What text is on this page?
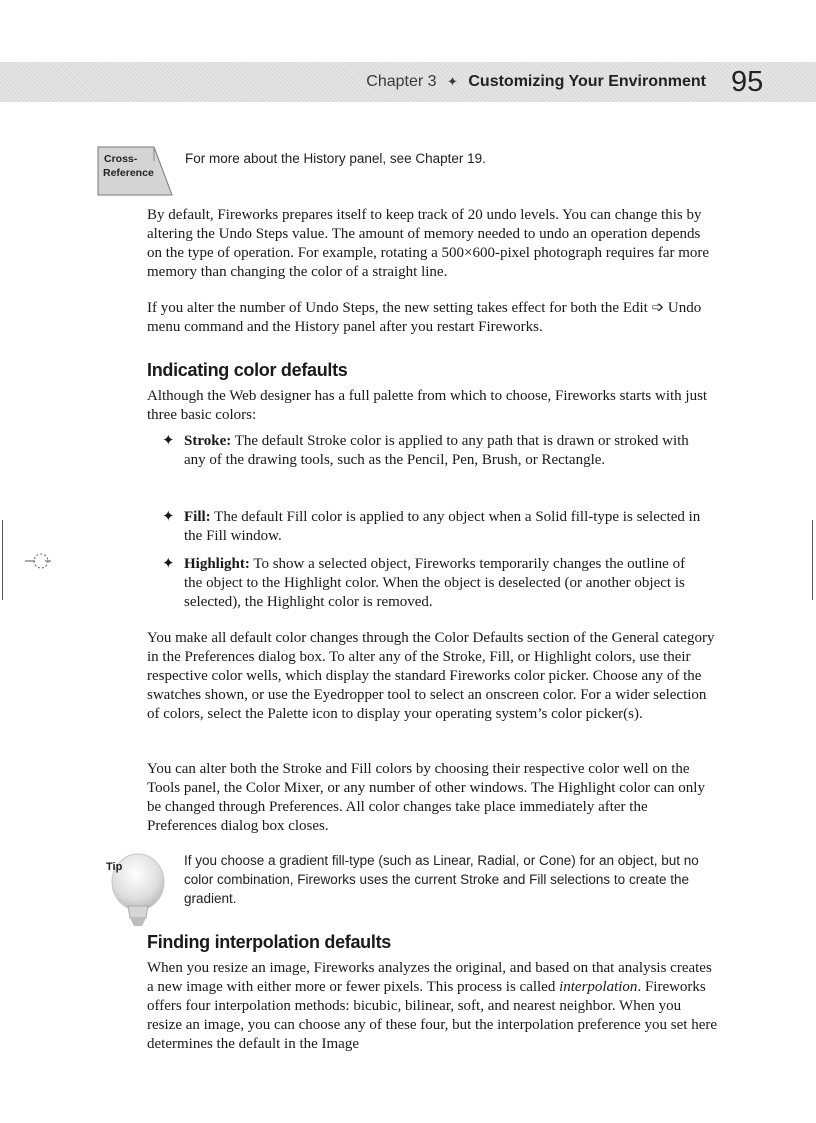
Chapter 3 ✦ Customizing Your Environment 95
Cross-
Reference
For more about the History panel, see Chapter 19.

By default, Fireworks prepares itself to keep track of 20 undo levels. You can change this by altering the Undo Steps value. The amount of memory needed to undo an operation depends on the type of operation. For example, rotating a 500×600-pixel photograph requires far more memory than changing the color of a straight line.

If you alter the number of Undo Steps, the new setting takes effect for both the Edit ➩ Undo menu command and the History panel after you restart Fireworks.

Indicating color defaults

Although the Web designer has a full palette from which to choose, Fireworks starts with just three basic colors:

✦ Stroke: The default Stroke color is applied to any path that is drawn or stroked with any of the drawing tools, such as the Pencil, Pen, Brush, or Rectangle.
✦ Fill: The default Fill color is applied to any object when a Solid fill-type is selected in the Fill window.
✦ Highlight: To show a selected object, Fireworks temporarily changes the outline of the object to the Highlight color. When the object is deselected (or another object is selected), the Highlight color is removed.

You make all default color changes through the Color Defaults section of the General category in the Preferences dialog box. To alter any of the Stroke, Fill, or Highlight colors, use their respective color wells, which display the standard Fireworks color picker. Choose any of the swatches shown, or use the Eyedropper tool to select an onscreen color. For a wider selection of colors, select the Palette icon to display your operating system’s color picker(s).

You can alter both the Stroke and Fill colors by choosing their respective color well on the Tools panel, the Color Mixer, or any number of other windows. The Highlight color can only be changed through Preferences. All color changes take place immediately after the Preferences dialog box closes.

Tip	If you choose a gradient fill-type (such as Linear, Radial, or Cone) for an object, but no color combination, Fireworks uses the current Stroke and Fill selections to create the gradient.
Finding interpolation defaults

When you resize an image, Fireworks analyzes the original, and based on that analysis creates a new image with either more or fewer pixels. This process is called interpolation. Fireworks offers four interpolation methods: bicubic, bilinear, soft, and nearest neighbor. When you resize an image, you can choose any of these four, but the interpolation preference you set here determines the default in the Image
